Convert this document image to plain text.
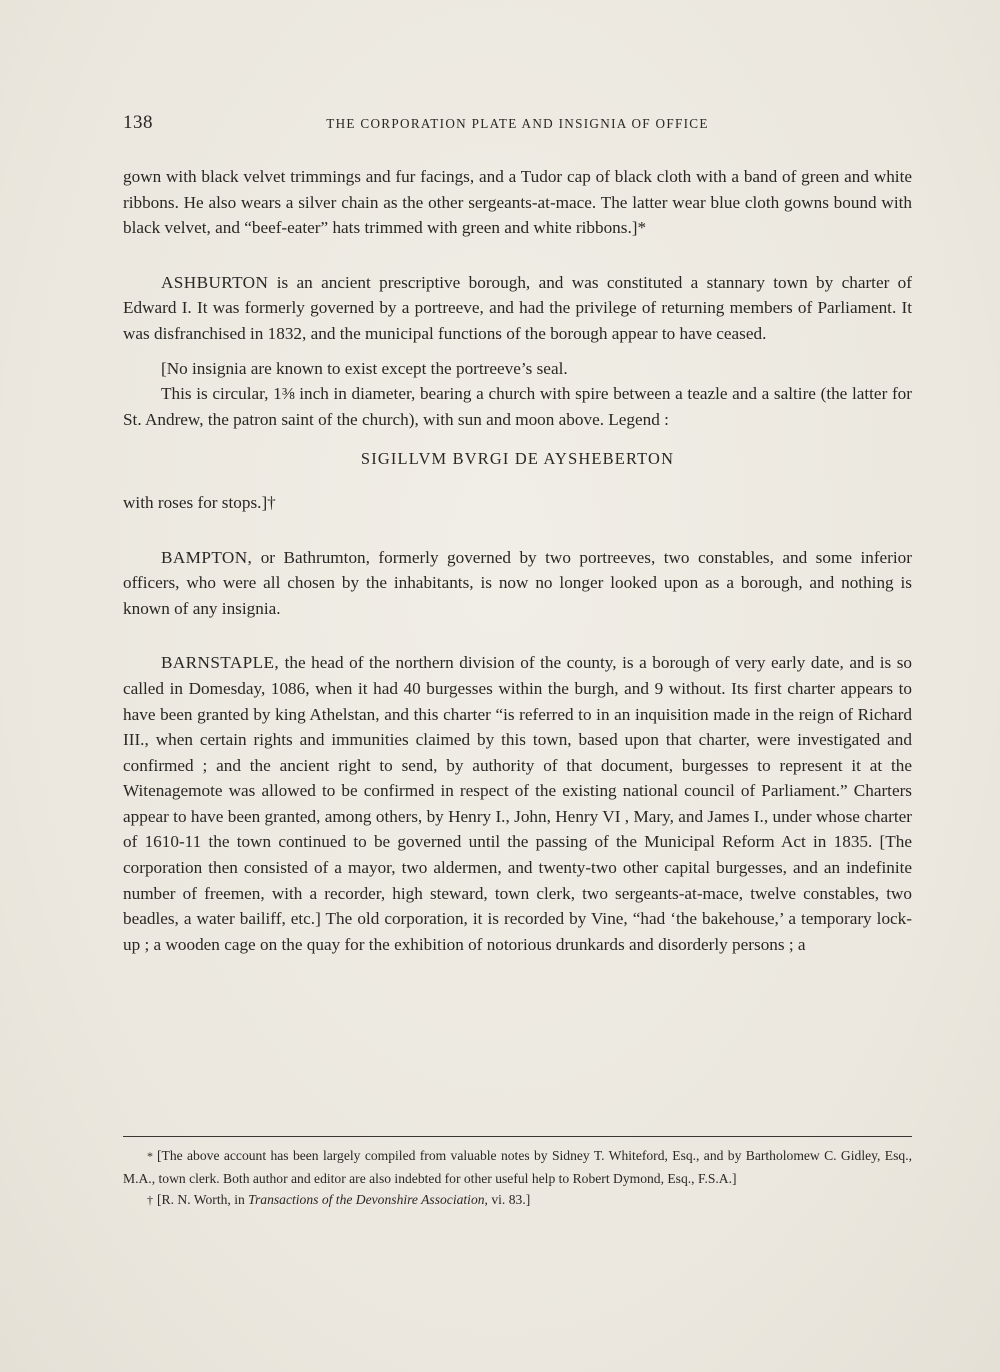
138	THE CORPORATION PLATE AND INSIGNIA OF OFFICE

gown with black velvet trimmings and fur facings, and a Tudor cap of black cloth with a band of green and white ribbons. He also wears a silver chain as the other sergeants-at-mace. The latter wear blue cloth gowns bound with black velvet, and “beef-eater” hats trimmed with green and white ribbons.]*

ASHBURTON is an ancient prescriptive borough, and was constituted a stannary town by charter of Edward I. It was formerly governed by a portreeve, and had the privilege of returning members of Parliament. It was disfranchised in 1832, and the municipal functions of the borough appear to have ceased.

[No insignia are known to exist except the portreeve’s seal.

This is circular, 1⅜ inch in diameter, bearing a church with spire between a teazle and a saltire (the latter for St. Andrew, the patron saint of the church), with sun and moon above. Legend :

SIGILLVM BVRGI DE AYSHEBERTON

with roses for stops.]†

BAMPTON, or Bathrumton, formerly governed by two portreeves, two constables, and some inferior officers, who were all chosen by the inhabitants, is now no longer looked upon as a borough, and nothing is known of any insignia.

BARNSTAPLE, the head of the northern division of the county, is a borough of very early date, and is so called in Domesday, 1086, when it had 40 burgesses within the burgh, and 9 without. Its first charter appears to have been granted by king Athelstan, and this charter “is referred to in an inquisition made in the reign of Richard III., when certain rights and immunities claimed by this town, based upon that charter, were investigated and confirmed ; and the ancient right to send, by authority of that document, burgesses to represent it at the Witenagemote was allowed to be confirmed in respect of the existing national council of Parliament.” Charters appear to have been granted, among others, by Henry I., John, Henry VI , Mary, and James I., under whose charter of 1610-11 the town continued to be governed until the passing of the Municipal Reform Act in 1835. [The corporation then consisted of a mayor, two aldermen, and twenty-two other capital burgesses, and an indefinite number of freemen, with a recorder, high steward, town clerk, two sergeants-at-mace, twelve constables, two beadles, a water bailiff, etc.] The old corporation, it is recorded by Vine, “had ‘the bakehouse,’ a temporary lock-up ; a wooden cage on the quay for the exhibition of notorious drunkards and disorderly persons ; a

* [The above account has been largely compiled from valuable notes by Sidney T. Whiteford, Esq., and by Bartholomew C. Gidley, Esq., M.A., town clerk. Both author and editor are also indebted for other useful help to Robert Dymond, Esq., F.S.A.]

† [R. N. Worth, in Transactions of the Devonshire Association, vi. 83.]
